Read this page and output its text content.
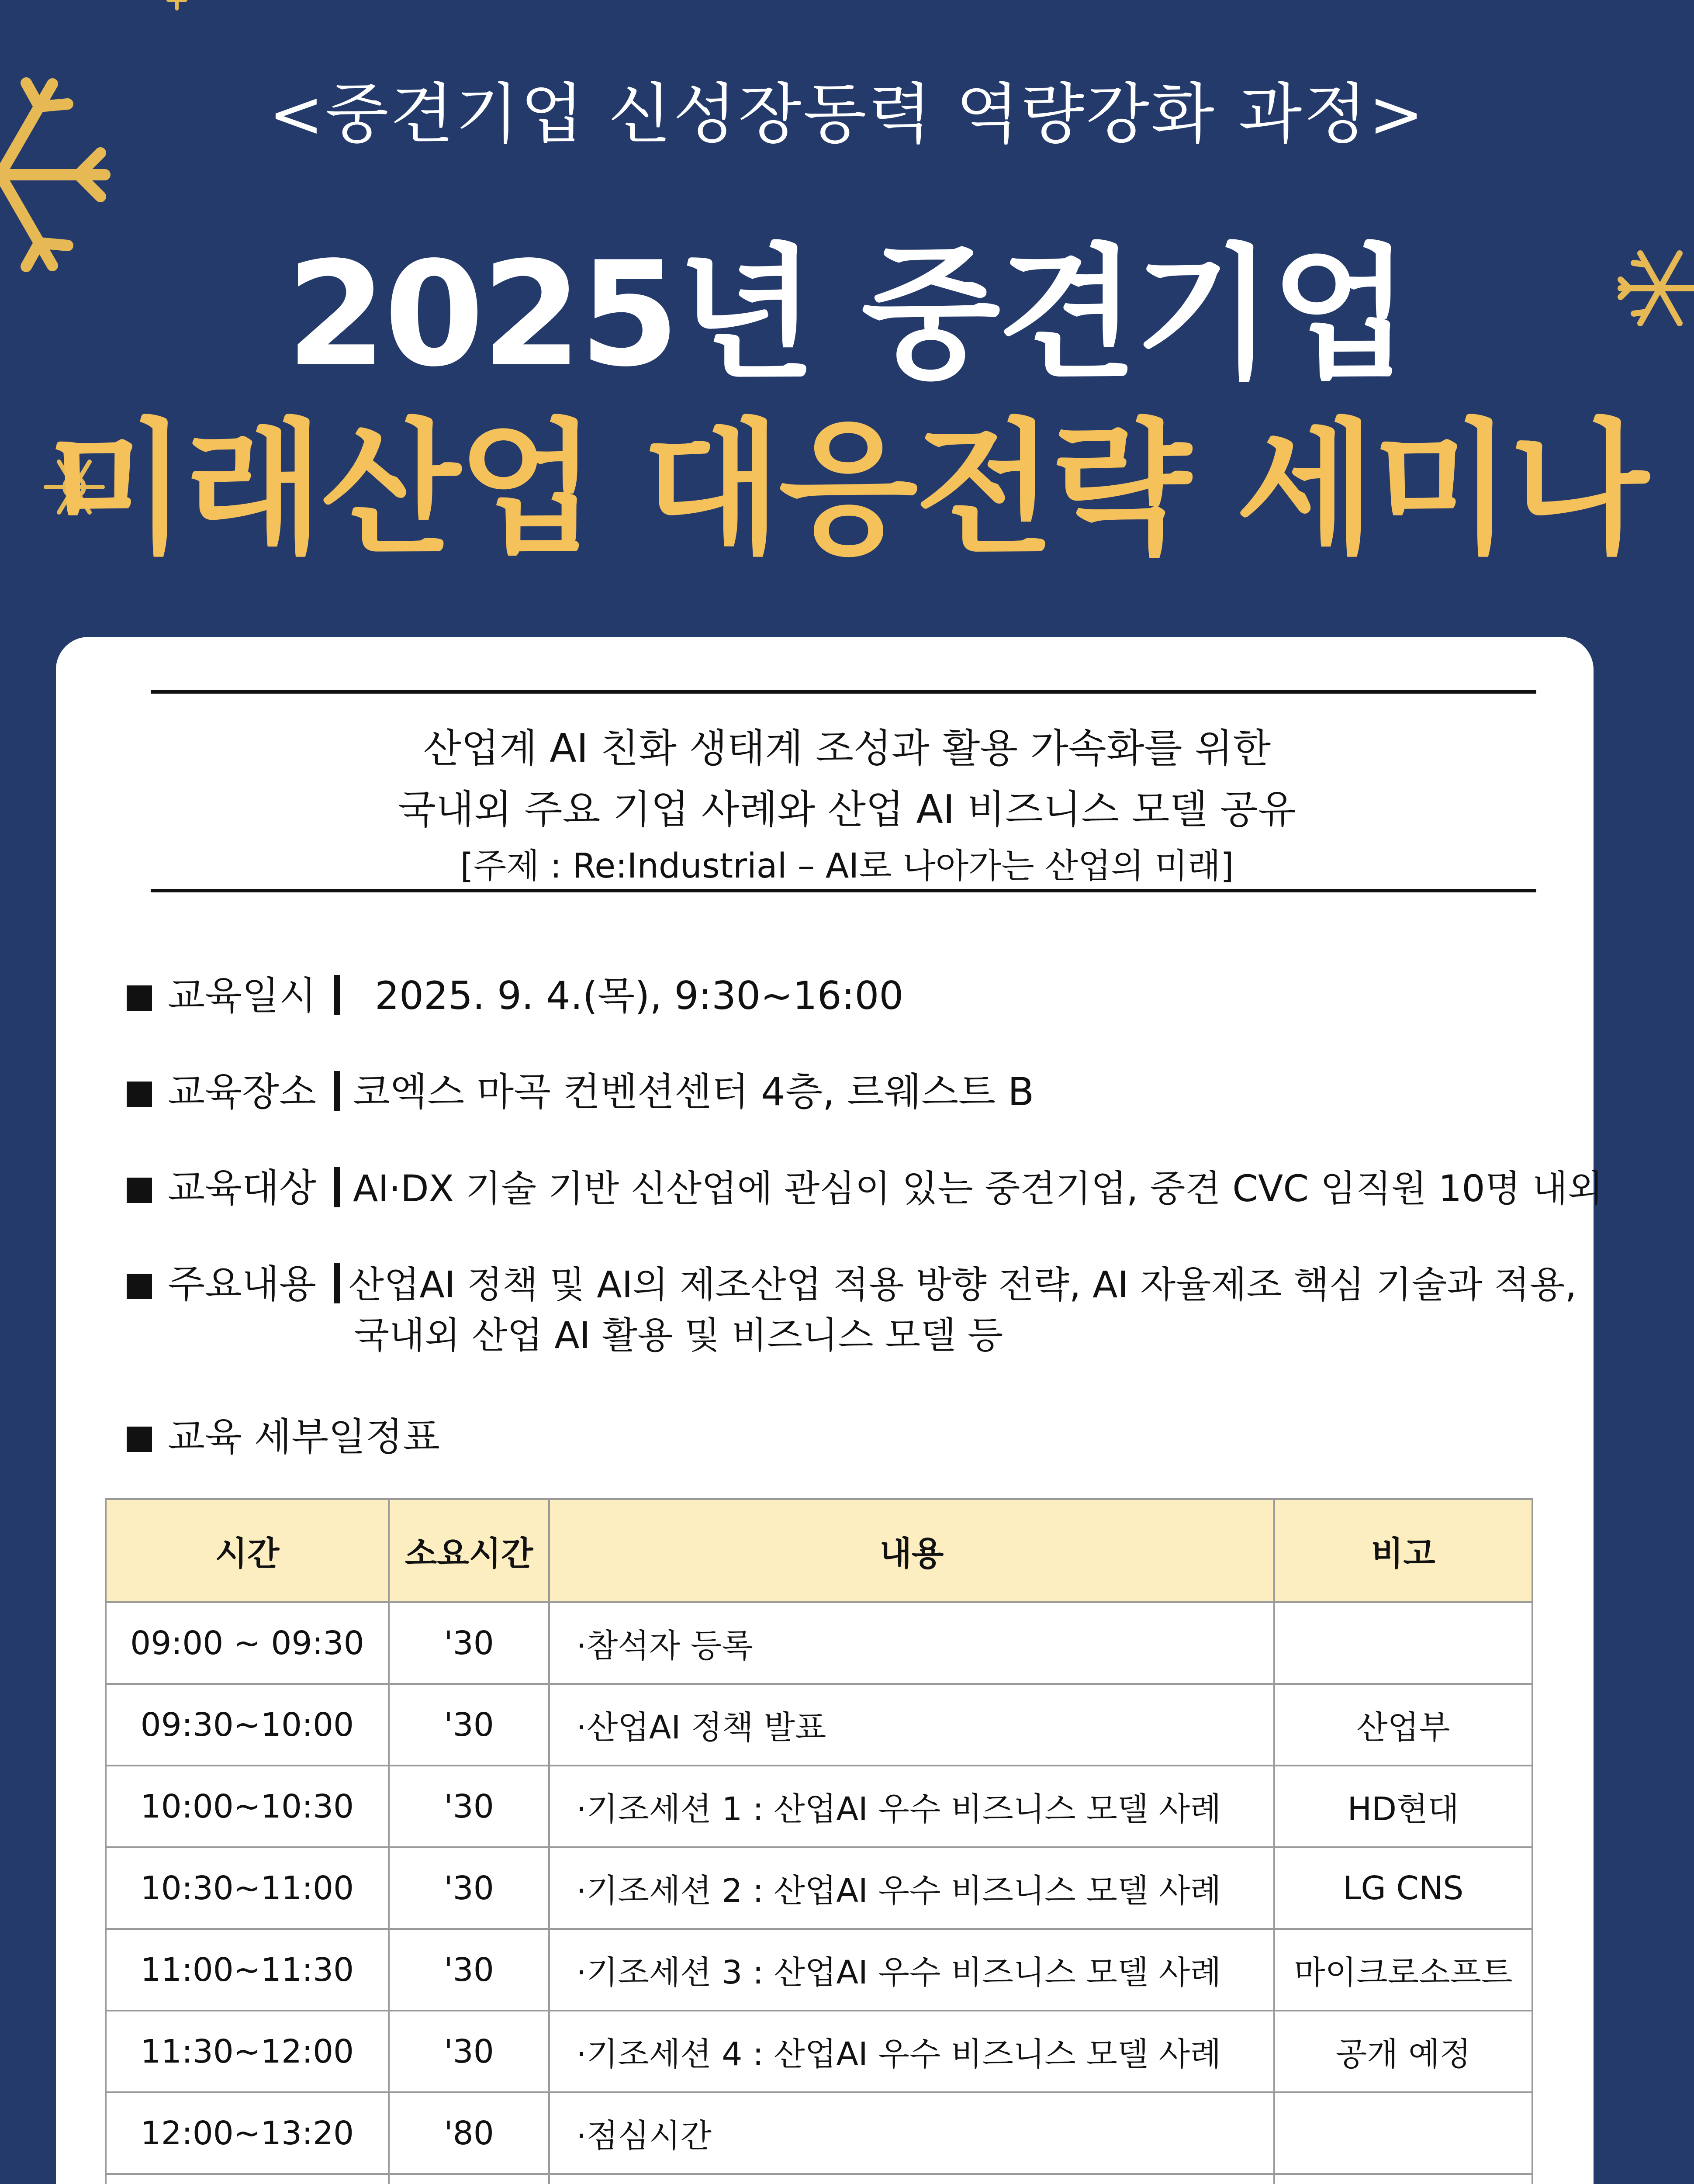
<중견기업 신성장동력 역량강화 과정>
2025년 중견기업
미래산업 대응전략 세미나
산업계 AI 친화 생태계 조성과 활용 가속화를 위한
국내외 주요 기업 사례와 산업 AI 비즈니스 모델 공유
[주제 : Re:Industrial – AI로 나아가는 산업의 미래]
교육일시 2025. 9. 4.(목), 9:30~16:00
교육장소 코엑스 마곡 컨벤션센터 4층, 르웨스트 B
교육대상 AI·DX 기술 기반 신산업에 관심이 있는 중견기업, 중견 CVC 임직원 10명 내외
주요내용 산업AI 정책 및 AI의 제조산업 적용 방향 전략, AI 자율제조 핵심 기술과 적용,
국내외 산업 AI 활용 및 비즈니스 모델 등
교육 세부일정표
시간	소요시간	내용	비고
09:00 ~ 09:30	'30	·참석자 등록	
09:30~10:00	'30	·산업AI 정책 발표	산업부
10:00~10:30	'30	·기조세션 1 : 산업AI 우수 비즈니스 모델 사례	HD현대
10:30~11:00	'30	·기조세션 2 : 산업AI 우수 비즈니스 모델 사례	LG CNS
11:00~11:30	'30	·기조세션 3 : 산업AI 우수 비즈니스 모델 사례	마이크로소프트
11:30~12:00	'30	·기조세션 4 : 산업AI 우수 비즈니스 모델 사례	공개 예정
12:00~13:20	'80	·점심시간	
